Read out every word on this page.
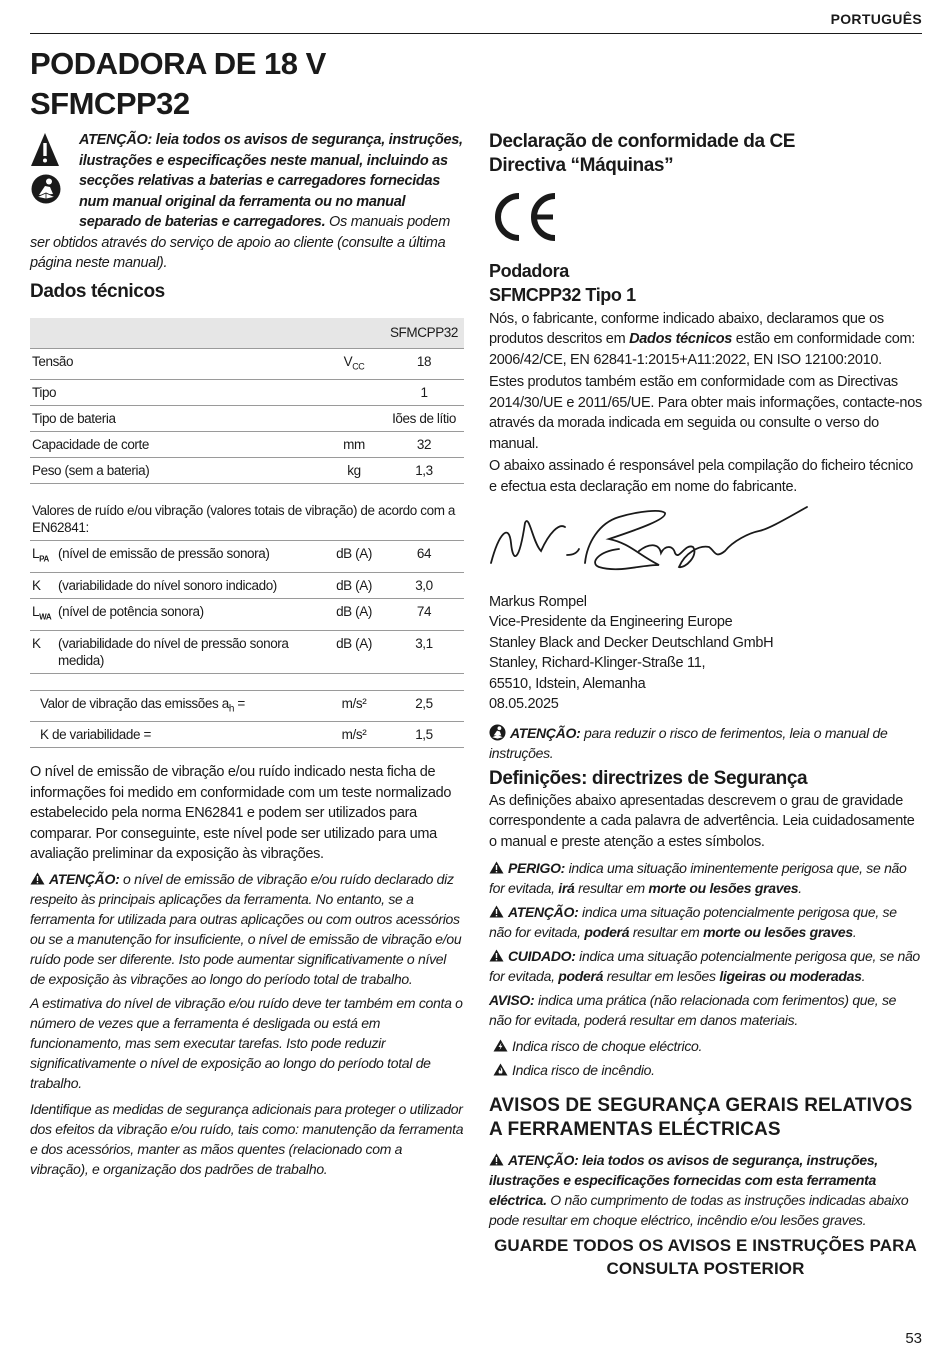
PORTUGUÊS
PODADORA DE 18 V
SFMCPP32
ATENÇÃO: leia todos os avisos de segurança, instruções, ilustrações e especificações neste manual, incluindo as secções relativas a baterias e carregadores fornecidas num manual original da ferramenta ou no manual separado de baterias e carregadores. Os manuais podem ser obtidos através do serviço de apoio ao cliente (consulte a última página neste manual).
Dados técnicos
		SFMCPP32
Tensão	$V_{CC}$	18
Tipo		1
Tipo de bateria		Iões de lítio
Capacidade de corte	mm	32
Peso (sem a bateria)	kg	1,3
Valores de ruído e/ou vibração (valores totais de vibração) de acordo com a EN62841:			
$L_{PA}$	(nível de emissão de pressão sonora)	dB (A)	64
K	(variabilidade do nível sonoro indicado)	dB (A)	3,0
$L_{WA}$	(nível de potência sonora)	dB (A)	74
K	(variabilidade do nível de pressão sonora medida)	dB (A)	3,1
Valor de vibração das emissões $a_h$ =	m/s²	2,5
K de variabilidade =	m/s²	1,5

O nível de emissão de vibração e/ou ruído indicado nesta ficha de informações foi medido em conformidade com um teste normalizado estabelecido pela norma EN62841 e podem ser utilizados para comparar. Por conseguinte, este nível pode ser utilizado para uma avaliação preliminar da exposição às vibrações.

ATENÇÃO: o nível de emissão de vibração e/ou ruído declarado diz respeito às principais aplicações da ferramenta. No entanto, se a ferramenta for utilizada para outras aplicações ou com outros acessórios ou se a manutenção for insuficiente, o nível de emissão de vibração e/ou ruído pode ser diferente. Isto pode aumentar significativamente o nível de exposição às vibrações ao longo do período total de trabalho.

A estimativa do nível de vibração e/ou ruído deve ter também em conta o número de vezes que a ferramenta é desligada ou está em funcionamento, mas sem executar tarefas. Isto pode reduzir significativamente o nível de exposição ao longo do período total de trabalho.

Identifique as medidas de segurança adicionais para proteger o utilizador dos efeitos da vibração e/ou ruído, tais como: manutenção da ferramenta e dos acessórios, manter as mãos quentes (relacionado com a vibração), e organização dos padrões de trabalho.

Declaração de conformidade da CE
Directiva “Máquinas”
Podadora
SFMCPP32 Tipo 1

Nós, o fabricante, conforme indicado abaixo, declaramos que os produtos descritos em Dados técnicos estão em conformidade com: 2006/42/CE, EN 62841-1:2015+A11:2022, EN ISO 12100:2010.

Estes produtos também estão em conformidade com as Directivas 2014/30/UE e 2011/65/UE. Para obter mais informações, contacte-nos através da morada indicada em seguida ou consulte o verso do manual.

O abaixo assinado é responsável pela compilação do ficheiro técnico e efectua esta declaração em nome do fabricante.

Markus Rompel
Vice-Presidente da Engineering Europe
Stanley Black and Decker Deutschland GmbH
Stanley, Richard-Klinger-Straße 11,
65510, Idstein, Alemanha
08.05.2025

ATENÇÃO: para reduzir o risco de ferimentos, leia o manual de instruções.

Definições: directrizes de Segurança

As definições abaixo apresentadas descrevem o grau de gravidade correspondente a cada palavra de advertência. Leia cuidadosamente o manual e preste atenção a estes símbolos.

PERIGO: indica uma situação iminentemente perigosa que, se não for evitada, irá resultar em morte ou lesões graves.

ATENÇÃO: indica uma situação potencialmente perigosa que, se não for evitada, poderá resultar em morte ou lesões graves.

CUIDADO: indica uma situação potencialmente perigosa que, se não for evitada, poderá resultar em lesões ligeiras ou moderadas.

AVISO: indica uma prática (não relacionada com ferimentos) que, se não for evitada, poderá resultar em danos materiais.

Indica risco de choque eléctrico.

Indica risco de incêndio.

AVISOS DE SEGURANÇA GERAIS RELATIVOS A FERRAMENTAS ELÉCTRICAS

ATENÇÃO: leia todos os avisos de segurança, instruções, ilustrações e especificações fornecidas com esta ferramenta eléctrica. O não cumprimento de todas as instruções indicadas abaixo pode resultar em choque eléctrico, incêndio e/ou lesões graves.

GUARDE TODOS OS AVISOS E INSTRUÇÕES PARA
CONSULTA POSTERIOR
53
